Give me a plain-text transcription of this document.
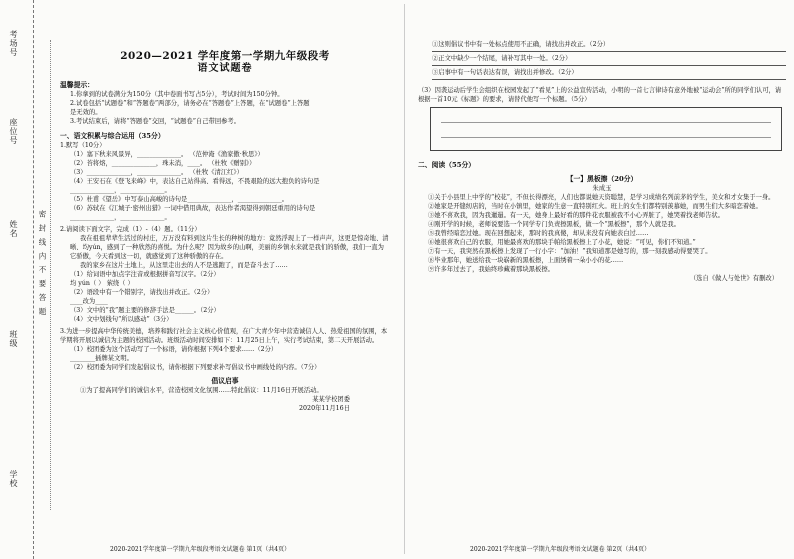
考场号
座位号
姓名
班级
学校
密 封 线 内 不 要 答 题
2020—2021 学年度第一学期九年级段考
语文试题卷
温馨提示：
1.你拿到的试卷满分为150分（其中卷面书写占5分），考试时间为150分钟。
2.试卷包括“试题卷”和“答题卷”两部分，请务必在“答题卷”上答题，在“试题卷”上答题
是无效的。
3.考试结束后，请将“答题卷”交回，“试题卷”自己带回参考。
一、语文积累与综合运用（35分）
1.默写（10分）
（1）塞下秋来风景异，______________。 （范仲淹《渔家傲·秋思》）
（2）苔将熔，______________，珠未消，____。 （杜牧《赠别》）
（3）______________，______________。 （杜牧《清江红》）
（4）王安石在《登飞来峰》中，表达自己站得高、看得远，不畏艰险的远大抱负的诗句是
______________，______________。
（5）杜甫《望岳》中写泰山高峻的诗句是______________，______________。
（6）苏轼在《江城子·密州出猎》一词中借用典故，表达作者渴望得到朝廷重用的诗句是
______________，______________。
2.请阅读下面文字，完成（1）-（4）题。（11分）
我在祖祖辈辈生活过的村庄，万万没有料到这片生长的种树的地方：竟然浮现上了一样声声，这更是惊奇地、清晰、均yún，感到了一种欣然的喜悦。为什么呢？因为故乡的山啊，美丽的乡镇水来就是我们的骄傲，我们一直为它骄傲，今天看到这一切，就感觉到了这种骄傲的存在。
我的家乡在这片土地上，从这里走出去的人不是逃跑了，而是奋斗去了……
（1）给词语中加点字注音或根据拼音写汉字。（2分）
均 yún（ ） 萦绕（ ）
（2）语段中有一个错别字，请找出并改正。（2分）
____改为____
（3）文中的“我”题主要的修辞手法是______。（2分）
（4）文中划线句“所以感动”（3分）
3.为进一步提高中华传统美德，培养和践行社会主义核心价值观，在广大青少年中营造诚信人人、热爱祖国的氛围，本学期将开展以诚信为主题的校园活动。班级活动时间安排如下：11月25日上午，实行考试结束，第二天开展活动。
（1）校团委为这个活动写了一个标语，请你根据下列4个要求……（2分）
________插牌某文明。
（2）校团委为同学们发起倡议书，请你根据下列要求补写倡议书中画线处的内容。（7分）
倡议启事
①为了提高同学们的诚信水平，营造校园文化氛围……特此倡议：11月16日开展活动。
某某学校团委
2020年11月16日
①这则倡议书中有一处标点使用不正确，请找出并改正。（2分）
②正文中缺少一个结尾，请补写其中一处。（2分）
③启事中有一句话表达有误，请找出并修改。（2分）
（3）因袭运动后学生会组织在校园发起了“看见”上的公益宣传活动，小明的一首七言律诗有意外地被“运动会”所的同学们认可，请根据一首10元《标题》的要求，请替代他写一个标题。（5分）
二、阅读（55分）
【一】黑板擦（20分）
朱成玉
①关于小县里上中学的“校花”，不但长得漂亮，人们也都说她天资聪慧，是学习成绩名列前茅的学生，美女和才女集于一身。
②她家是开缝纫店的，当时在小镇里，她家的生意一直特别红火。班上的女生们都特别羡慕她，而男生们大多暗恋着她。
③她不喜欢我，因为我邋遢。有一天，她身上最好看的那件花衣服被我不小心弄脏了，她哭着找老师告状。
④刚开学的时候，老师说要选一个同学专门负责擦黑板，做一个“黑板擦”，那个人就是我。
⑤我曾经暗恋过她。现在回想起来，那时的我真傻，却从来没有向她表白过……
⑥她很喜欢自己的衣服，用她最喜欢的那块手帕给黑板擦上了小花，她说：“可见，你们不知道。”
⑦有一天，我突然在黑板擦上发现了一行小字：“加油！”我知道那是她写的，那一刻我感动得要哭了。
⑧毕业那年，她送给我一块崭新的黑板擦，上面绣着一朵小小的花……
⑨许多年过去了，我始终珍藏着那块黑板擦。
（选自《做人与处世》有删改）
2020-2021学年度第一学期九年级段考语文试题卷 第1页（共4页）	2020-2021学年度第一学期九年级段考语文试题卷 第2页（共4页）
